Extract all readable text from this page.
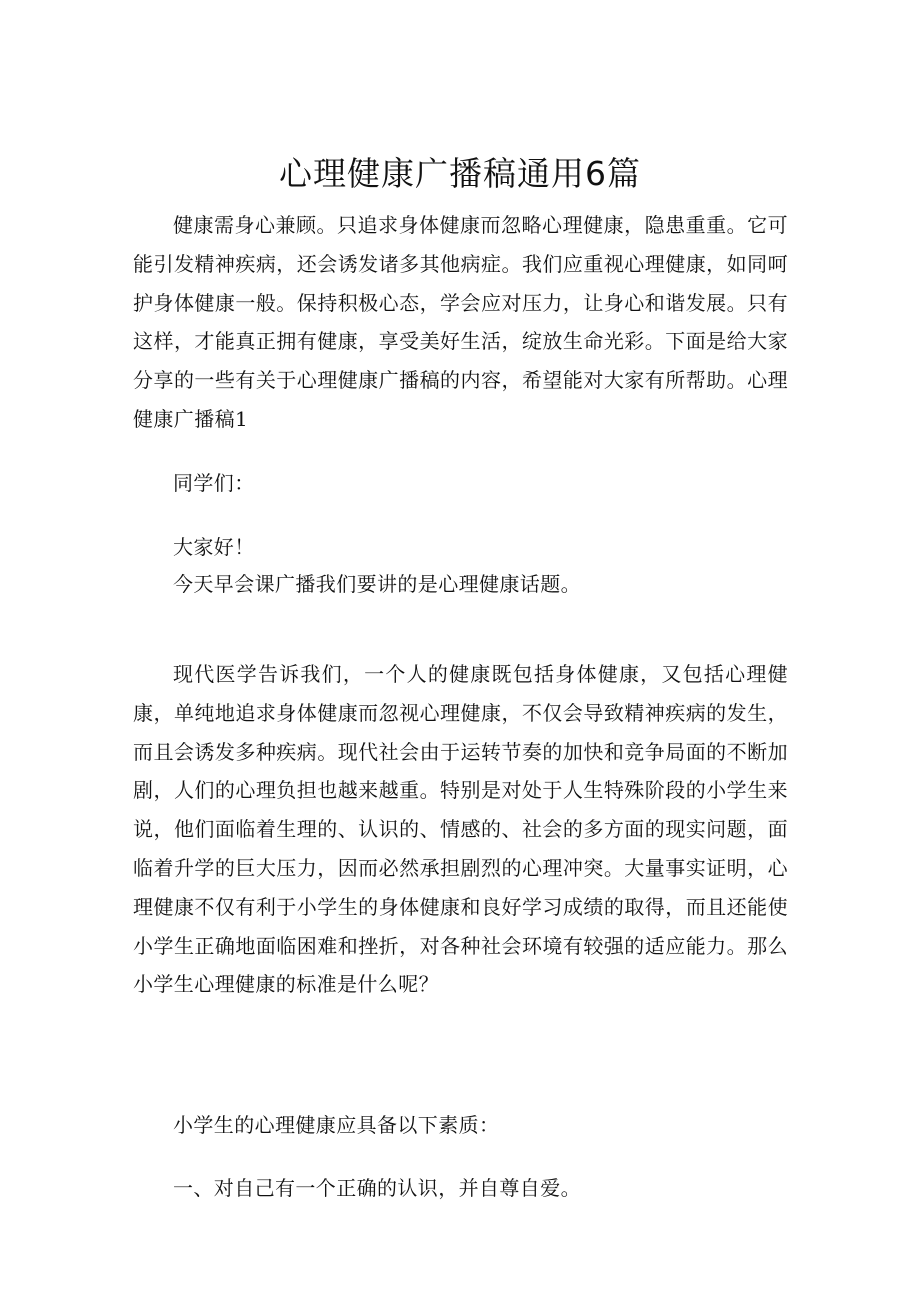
心理健康广播稿通用6篇

健康需身心兼顾。只追求身体健康而忽略心理健康，隐患重重。它可能引发精神疾病，还会诱发诸多其他病症。我们应重视心理健康，如同呵护身体健康一般。保持积极心态，学会应对压力，让身心和谐发展。只有这样，才能真正拥有健康，享受美好生活，绽放生命光彩。下面是给大家分享的一些有关于心理健康广播稿的内容，希望能对大家有所帮助。心理健康广播稿1

同学们：

大家好！

今天早会课广播我们要讲的是心理健康话题。

现代医学告诉我们，一个人的健康既包括身体健康，又包括心理健康，单纯地追求身体健康而忽视心理健康，不仅会导致精神疾病的发生，而且会诱发多种疾病。现代社会由于运转节奏的加快和竞争局面的不断加剧，人们的心理负担也越来越重。特别是对处于人生特殊阶段的小学生来说，他们面临着生理的、认识的、情感的、社会的多方面的现实问题，面临着升学的巨大压力，因而必然承担剧烈的心理冲突。大量事实证明，心理健康不仅有利于小学生的身体健康和良好学习成绩的取得，而且还能使小学生正确地面临困难和挫折，对各种社会环境有较强的适应能力。那么小学生心理健康的标准是什么呢？

小学生的心理健康应具备以下素质：

一、对自己有一个正确的认识，并自尊自爱。
